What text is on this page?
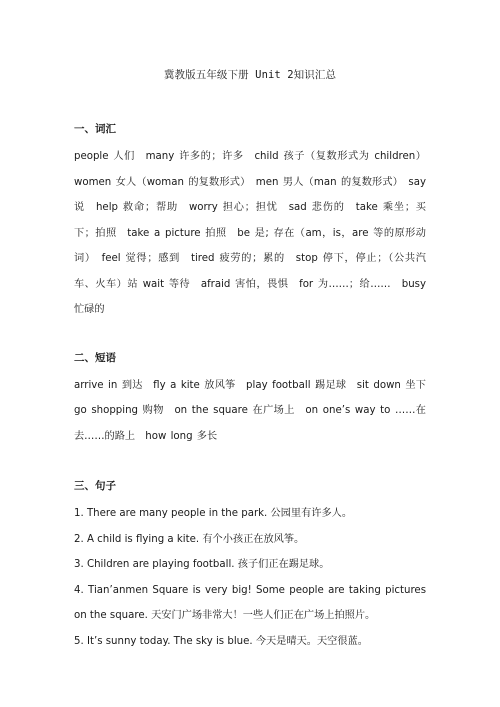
冀教版五年级下册 Unit 2知识汇总
一、词汇

people 人们　many 许多的；许多　child 孩子（复数形式为 children） women 女人（woman 的复数形式）　men 男人（man 的复数形式）　say 说　help 救命；帮助　worry 担心；担忧　sad 悲伤的　take 乘坐；买下；拍照　take a picture 拍照　be 是; 存在（am，is，are 等的原形动词）　feel 觉得；感到　tired 疲劳的；累的　stop 停下，停止；（公共汽车、火车）站 wait 等待　afraid 害怕，畏惧　for 为……；给……　busy 忙碌的

二、短语

arrive in 到达　fly a kite 放风筝　play football 踢足球　sit down 坐下 go shopping 购物　on the square 在广场上　on one’s way to ……在去……的路上　how long 多长

三、句子
1. There are many people in the park. 公园里有许多人。
2. A child is flying a kite. 有个小孩正在放风筝。
3. Children are playing football. 孩子们正在踢足球。
4. Tian’anmen Square is very big! Some people are taking pictures on the square. 天安门广场非常大！一些人们正在广场上拍照片。
5. It’s sunny today. The sky is blue. 今天是晴天。天空很蓝。
